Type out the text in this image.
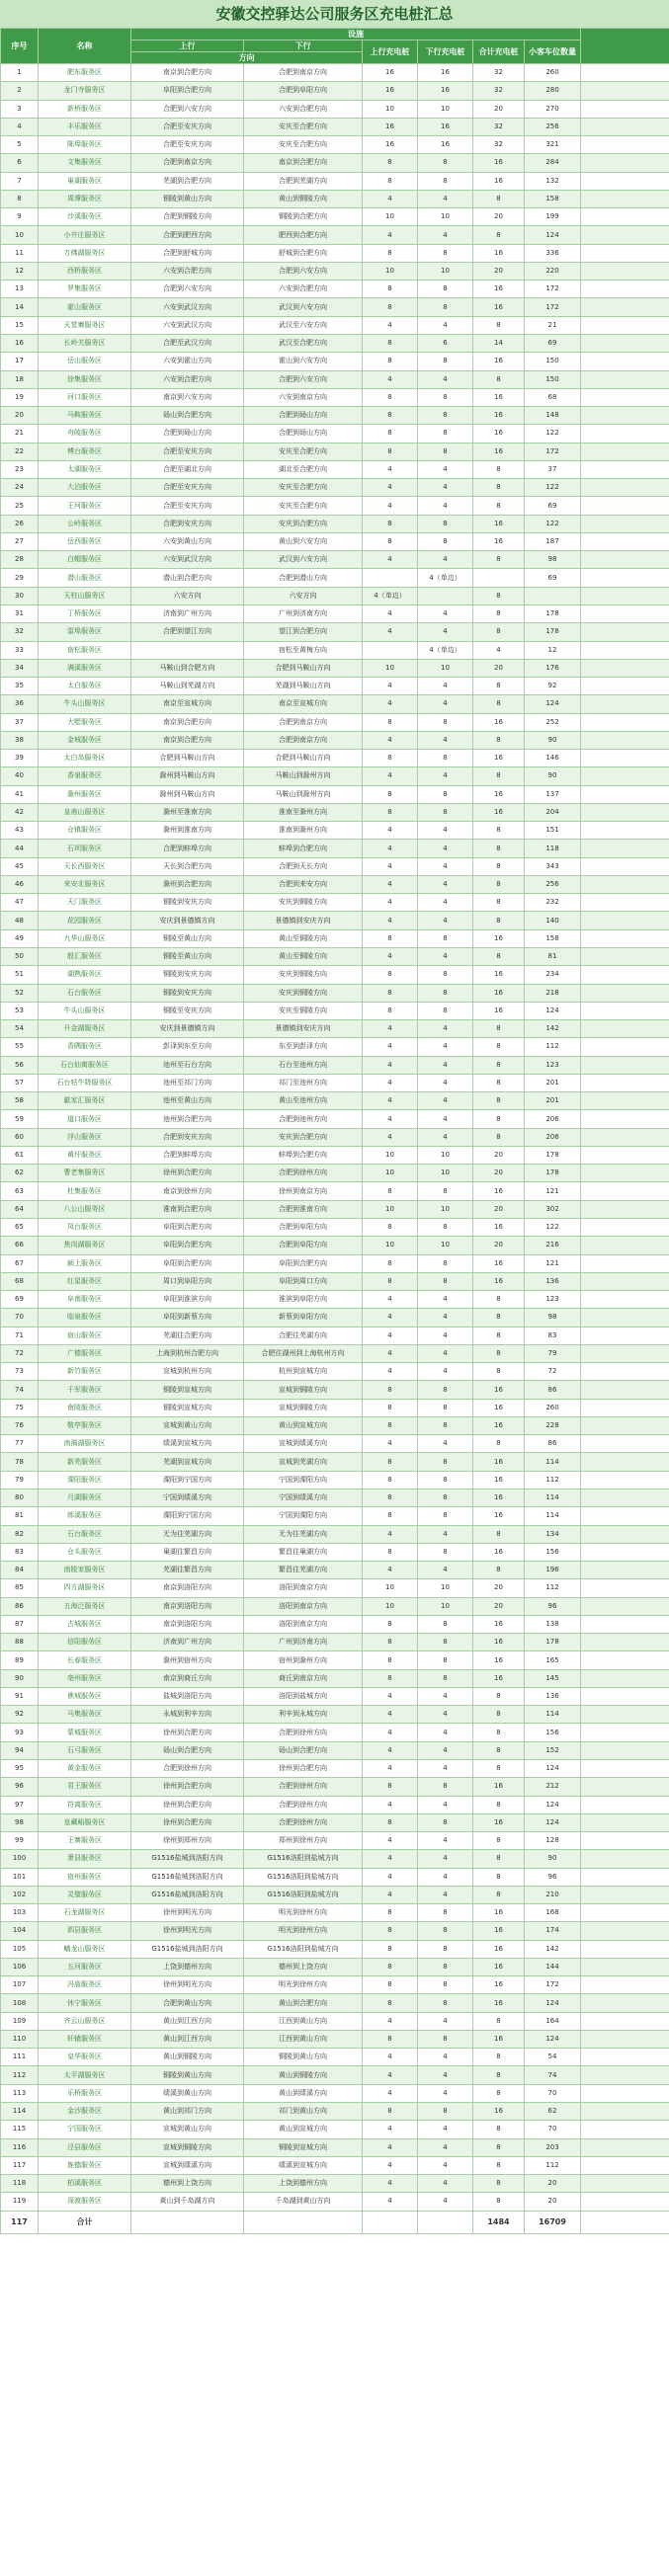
安徽交控驿达公司服务区充电桩汇总
序号	名称	设施						
		上行	下行	上行充电桩	下行充电桩	合计充电桩	小客车位数量	
		方向						
1	肥东服务区	南京到合肥方向	合肥到南京方向	16	16	32	260	
2	龙门寺服务区	阜阳到合肥方向	合肥到阜阳方向	16	16	32	280	
3	新桥服务区	合肥到六安方向	六安到合肥方向	10	10	20	270	
4	丰乐服务区	合肥至安庆方向	安庆至合肥方向	16	16	32	256	
5	陈埠服务区	合肥至安庆方向	安庆至合肥方向	16	16	32	321	
6	文集服务区	合肥到南京方向	南京到合肥方向	8	8	16	284	
7	巢湖服务区	芜湖到合肥方向	合肥到芜湖方向	8	8	16	132	
8	周潭服务区	铜陵到黄山方向	黄山到铜陵方向	4	4	8	158	
9	沙溪服务区	合肥到铜陵方向	铜陵到合肥方向	10	10	20	199	
10	小井庄服务区	合肥到肥西方向	肥西到合肥方向	4	4	8	124	
11	万佛湖服务区	合肥到舒城方向	舒城到合肥方向	8	8	16	336	
12	西桥服务区	六安到合肥方向	合肥到六安方向	10	10	20	220	
13	罗集服务区	合肥到六安方向	六安到合肥方向	8	8	16	172	
14	霍山服务区	六安到武汉方向	武汉到六安方向	8	8	16	172	
15	天堂寨服务区	六安到武汉方向	武汉至六安方向	4	4	8	21	
16	长岭关服务区	合肥至武汉方向	武汉至合肥方向	8	6	14	69	
17	岳山服务区	六安到霍山方向	霍山到六安方向	8	8	16	150	
18	徐集服务区	六安到合肥方向	合肥到六安方向	4	4	8	150	
19	河口服务区	南京到六安方向	六安到南京方向	8	8	16	68	
20	马鞍服务区	砀山到合肥方向	合肥到砀山方向	8	8	16	148	
21	舟陵服务区	合肥到砀山方向	合肥到砀山方向	8	8	16	122	
22	傅台服务区	合肥至安庆方向	安庆至合肥方向	8	8	16	172	
23	太湖服务区	合肥至湖北方向	湖北至合肥方向	4	4	8	37	
24	大泊服务区	合肥至安庆方向	安庆至合肥方向	4	4	8	122	
25	王河服务区	合肥至安庆方向	安庆至合肥方向	4	4	8	69	
26	公岭服务区	合肥到安庆方向	安庆到合肥方向	8	8	16	122	
27	岳西服务区	六安到黄山方向	黄山到六安方向	8	8	16	187	
28	白帽服务区	六安到武汉方向	武汉到六安方向	4	4	8	98	
29	潜山服务区	潜山到合肥方向	合肥到潜山方向		4（单边）		69	
30	天柱山服务区	六安方向	六安方向	4（单边）		8		
31	丁桥服务区	济南到广州方向	广州到济南方向	4	4	8	178	
32	雷埠服务区	合肥到望江方向	望江到合肥方向	4	4	8	178	
33	宿松服务区		宿松至黄梅方向		4（单边）	4	12	
34	满溪服务区	马鞍山到合肥方向	合肥到马鞍山方向	10	10	20	176	
35	太白服务区	马鞍山到芜湖方向	芜湖到马鞍山方向	4	4	8	92	
36	牛头山服务区	南京至宣城方向	南京至宣城方向	4	4	8	124	
37	大墅服务区	南京到合肥方向	合肥到南京方向	8	8	16	252	
38	金城服务区	南京到合肥方向	合肥到南京方向	4	4	8	90	
39	太白岛服务区	合肥到马鞍山方向	合肥到马鞍山方向	8	8	16	146	
40	香泉服务区	滁州到马鞍山方向	马鞍山到滁州方向	4	4	8	90	
41	滁州服务区	滁州到马鞍山方向	马鞍山到滁州方向	8	8	16	137	
42	皇甫山服务区	滁州至淮南方向	淮南至滁州方向	8	8	16	204	
43	仓镇服务区	滁州到淮南方向	淮南到滁州方向	4	4	8	151	
44	石坝服务区	合肥到蚌埠方向	蚌埠到合肥方向	4	4	8	118	
45	天长西服务区	天长到合肥方向	合肥到天长方向	4	4	8	343	
46	来安北服务区	滁州到合肥方向	合肥到来安方向	4	4	8	256	
47	天门服务区	铜陵到安庆方向	安庆到铜陵方向	4	4	8	232	
48	花园服务区	安庆到景德镇方向	景德镇到安庆方向	4	4	8	140	
49	九华山服务区	铜陵至黄山方向	黄山至铜陵方向	8	8	16	158	
50	殷汇服务区	铜陵至黄山方向	黄山至铜陵方向	4	4	8	81	
51	湖熟服务区	铜陵到安庆方向	安庆到铜陵方向	8	8	16	234	
52	石台服务区	铜陵到安庆方向	安庆到铜陵方向	8	8	16	218	
53	牛头山服务区	铜陵至安庆方向	安庆至铜陵方向	8	8	16	124	
54	升金湖服务区	安庆到景德镇方向	景德镇到安庆方向	4	4	8	142	
55	香隅服务区	彭泽到东至方向	东至到彭泽方向	4	4	8	112	
56	石台仙寓服务区	池州至石台方向	石台至池州方向	4	4	8	123	
57	石台牯牛降服务区	池州至祁门方向	祁门至池州方向	4	4	8	201	
58	歙家汇服务区	池州至黄山方向	黄山至池州方向	4	4	8	201	
59	道口服务区	池州到合肥方向	合肥到池州方向	4	4	8	206	
60	浮山服务区	合肥到安庆方向	安庆到合肥方向	4	4	8	206	
61	黄圩服务区	合肥到蚌埠方向	蚌埠到合肥方向	10	10	20	178	
62	曹老集服务区	徐州到合肥方向	合肥到徐州方向	10	10	20	178	
63	杜集服务区	南京到徐州方向	徐州到南京方向	8	8	16	121	
64	八公山服务区	淮南到合肥方向	合肥到淮南方向	10	10	20	302	
65	凤台服务区	阜阳到合肥方向	合肥到阜阳方向	8	8	16	122	
66	焦岗湖服务区	阜阳到合肥方向	合肥到阜阳方向	10	10	20	216	
67	颍上服务区	阜阳到合肥方向	阜阳到合肥方向	8	8	16	121	
68	红星服务区	周口到阜阳方向	阜阳到周口方向	8	8	16	136	
69	阜南服务区	阜阳到淮滨方向	淮滨到阜阳方向	4	4	8	123	
70	临泉服务区	阜阳到新蔡方向	新蔡到阜阳方向	4	4	8	98	
71	宿山服务区	芜湖往合肥方向	合肥往芜湖方向	4	4	8	83	
72	广德服务区	上海到杭州合肥方向	合肥往湖州到上海杭州方向	4	4	8	79	
73	新竹服务区	宣城到杭州方向	杭州到宣城方向	4	4	8	72	
74	千军服务区	铜陵到宣城方向	宣城到铜陵方向	8	8	16	86	
75	南陵服务区	铜陵到宣城方向	宣城到铜陵方向	8	8	16	260	
76	敬亭服务区	宣城到黄山方向	黄山到宣城方向	8	8	16	228	
77	南漪湖服务区	绩溪到宣城方向	宣城到绩溪方向	4	4	8	86	
78	新芜服务区	芜湖到宣城方向	宣城到芜湖方向	8	8	16	114	
79	溧阳服务区	溧阳到宁国方向	宁国到溧阳方向	8	8	16	112	
80	月湖服务区	宁国到绩溪方向	宁国到绩溪方向	8	8	16	114	
81	郎溪服务区	溧阳到宁国方向	宁国到溧阳方向	8	8	16	114	
82	石台服务区	无为往芜湖方向	无为往芜湖方向	4	4	8	134	
83	仓头服务区	巢湖往繁昌方向	繁昌往巢湖方向	8	8	16	156	
84	南陵家服务区	芜湖往繁昌方向	繁昌往芜湖方向	4	4	8	196	
85	四方湖服务区	南京到洛阳方向	洛阳到南京方向	10	10	20	112	
86	五海泛服务区	南京到洛阳方向	洛阳到南京方向	10	10	20	96	
87	古城服务区	南京到洛阳方向	洛阳到南京方向	8	8	16	138	
88	信阳服务区	济南到广州方向	广州到济南方向	8	8	16	178	
89	长春服务区	滁州到宿州方向	宿州到滁州方向	8	8	16	165	
90	亳州服务区	南京到商丘方向	商丘到南京方向	8	8	16	145	
91	谯城服务区	盐城到洛阳方向	洛阳到盐城方向	4	4	8	136	
92	马集服务区	永城到利辛方向	利辛到永城方向	4	4	8	114	
93	蒙城服务区	徐州到合肥方向	合肥到徐州方向	4	4	8	156	
94	石弓服务区	砀山到合肥方向	砀山到合肥方向	4	4	8	152	
95	黄金服务区	合肥到徐州方向	徐州到合肥方向	4	4	8	124	
96	君王服务区	徐州到合肥方向	合肥到徐州方向	8	8	16	212	
97	符离服务区	徐州到合肥方向	合肥到徐州方向	4	4	8	124	
98	皇藏峪服务区	徐州到合肥方向	合肥到徐州方向	8	8	16	124	
99	王寨服务区	徐州到郑州方向	郑州到徐州方向	4	4	8	128	
100	萧县服务区	G1516盐城到洛阳方向	G1516洛阳到盐城方向	4	4	8	90	
101	宿州服务区	G1516盐城到洛阳方向	G1516洛阳到盐城方向	4	4	8	96	
102	灵璧服务区	G1516盐城到洛阳方向	G1516洛阳到盐城方向	4	4	8	210	
103	石龙湖服务区	徐州到明光方向	明光到徐州方向	8	8	16	168	
104	泗县服务区	徐州到明光方向	明光到徐州方向	8	8	16	174	
105	蟠龙山服务区	G1516盐城到洛阳方向	G1516洛阳到盐城方向	8	8	16	142	
106	五河服务区	上饶到德州方向	德州到上饶方向	8	8	16	144	
107	冯庙服务区	徐州到明光方向	明光到徐州方向	8	8	16	172	
108	休宁服务区	合肥到黄山方向	黄山到合肥方向	8	8	16	124	
109	齐云山服务区	黄山到江西方向	江西到黄山方向	4	4	8	164	
110	轩辕服务区	黄山到江西方向	江西到黄山方向	8	8	16	124	
111	皇华服务区	黄山到铜陵方向	铜陵到黄山方向	4	4	8	54	
112	太平湖服务区	铜陵到黄山方向	黄山到铜陵方向	4	4	8	74	
113	乐桥服务区	绩溪到黄山方向	黄山到绩溪方向	4	4	8	70	
114	金沙服务区	黄山到祁门方向	祁门到黄山方向	8	8	16	62	
115	宁国服务区	宣城到黄山方向	黄山到宣城方向	4	4	8	70	
116	泾县服务区	宣城到铜陵方向	铜陵到宣城方向	4	4	8	203	
117	旌德服务区	宣城到绩溪方向	绩溪到宣城方向	4	4	8	112	
118	柏溪服务区	德州到上饶方向	上饶到德州方向	4	4	8	20	
119	深渡服务区	黄山到千岛湖方向	千岛湖到黄山方向	4	4	8	20	
117	合计					1484	16709	
